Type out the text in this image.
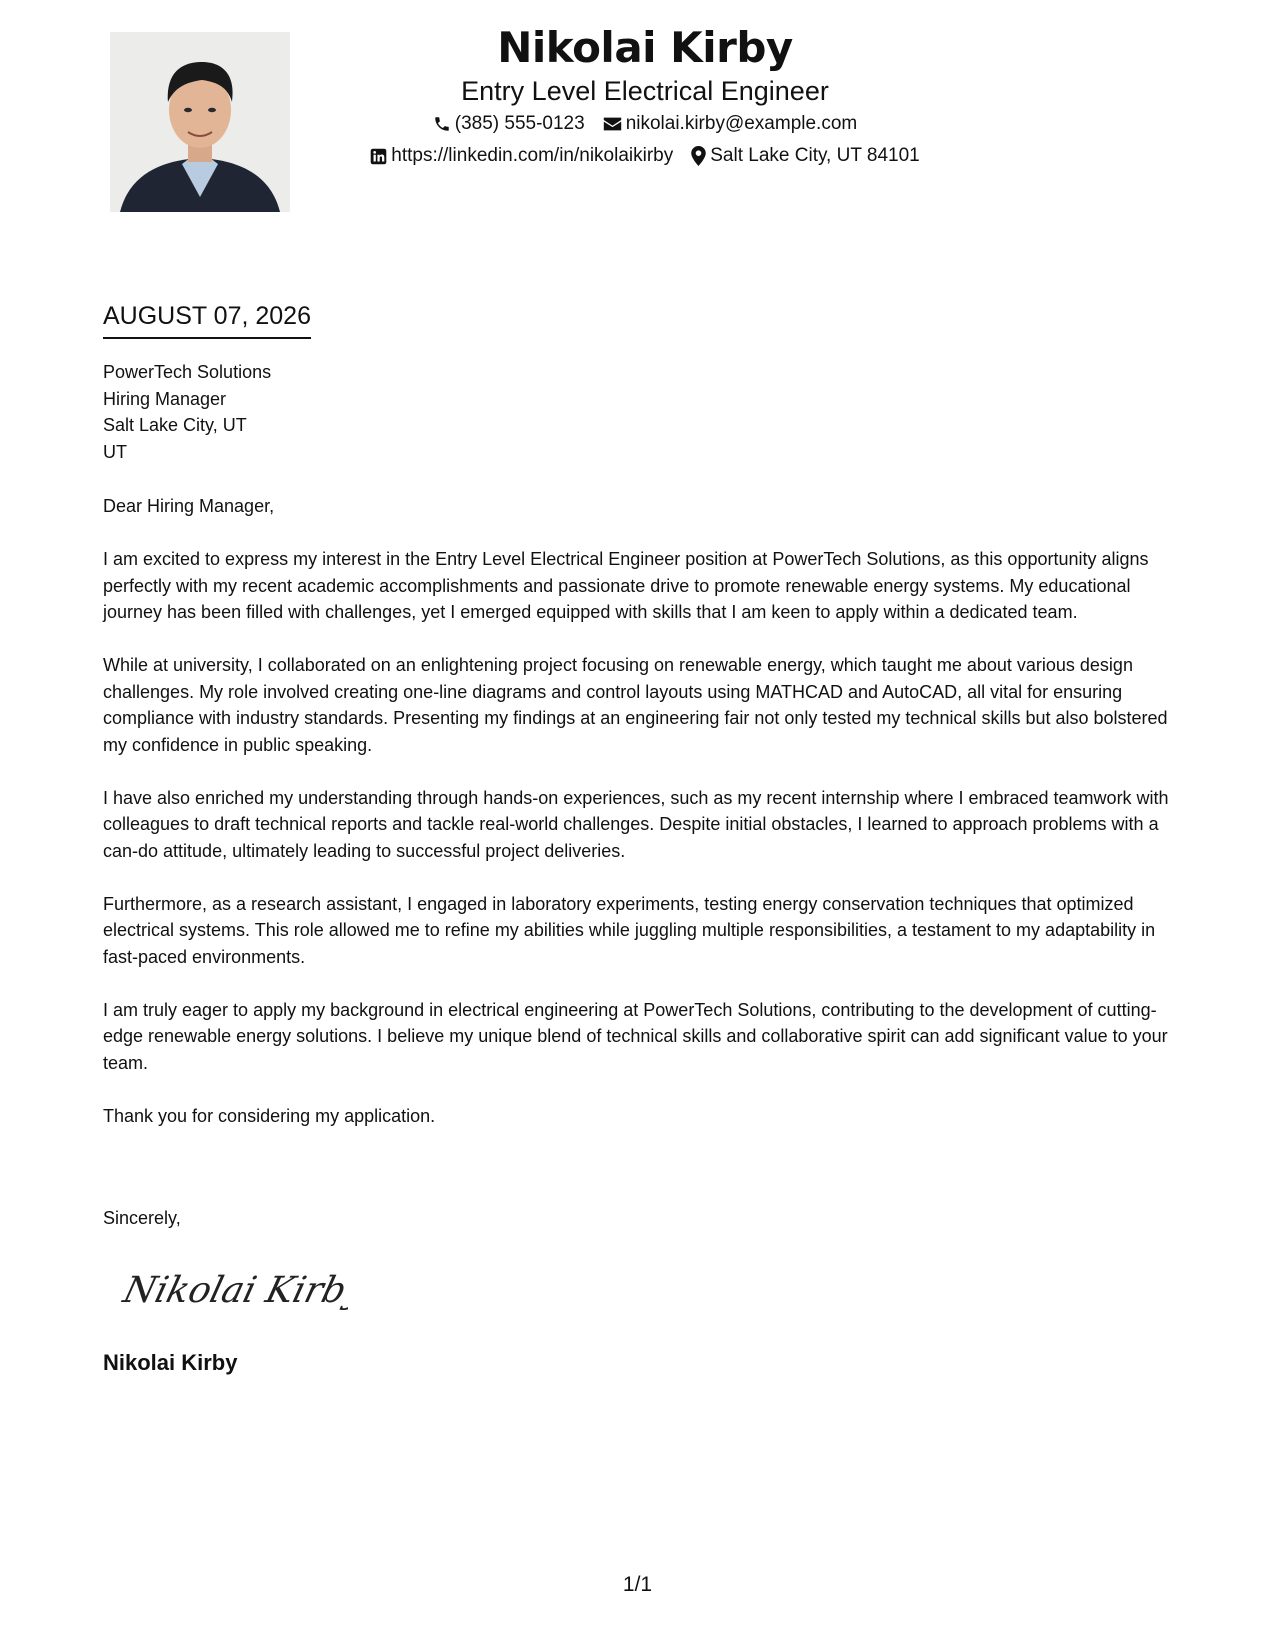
Nikolai Kirby
Entry Level Electrical Engineer
(385) 555-0123 nikolai.kirby@example.com
https://linkedin.com/in/nikolaikirby Salt Lake City, UT 84101
AUGUST 07, 2026
PowerTech Solutions
Hiring Manager
Salt Lake City, UT
UT

Dear Hiring Manager,

I am excited to express my interest in the Entry Level Electrical Engineer position at PowerTech Solutions, as this opportunity aligns perfectly with my recent academic accomplishments and passionate drive to promote renewable energy systems. My educational journey has been filled with challenges, yet I emerged equipped with skills that I am keen to apply within a dedicated team.

While at university, I collaborated on an enlightening project focusing on renewable energy, which taught me about various design challenges. My role involved creating one-line diagrams and control layouts using MATHCAD and AutoCAD, all vital for ensuring compliance with industry standards. Presenting my findings at an engineering fair not only tested my technical skills but also bolstered my confidence in public speaking.

I have also enriched my understanding through hands-on experiences, such as my recent internship where I embraced teamwork with colleagues to draft technical reports and tackle real-world challenges. Despite initial obstacles, I learned to approach problems with a can-do attitude, ultimately leading to successful project deliveries.

Furthermore, as a research assistant, I engaged in laboratory experiments, testing energy conservation techniques that optimized electrical systems. This role allowed me to refine my abilities while juggling multiple responsibilities, a testament to my adaptability in fast-paced environments.

I am truly eager to apply my background in electrical engineering at PowerTech Solutions, contributing to the development of cutting-edge renewable energy solutions. I believe my unique blend of technical skills and collaborative spirit can add significant value to your team.

Thank you for considering my application.

Sincerely,
Nikolai Kirby
Nikolai Kirby
1/1
